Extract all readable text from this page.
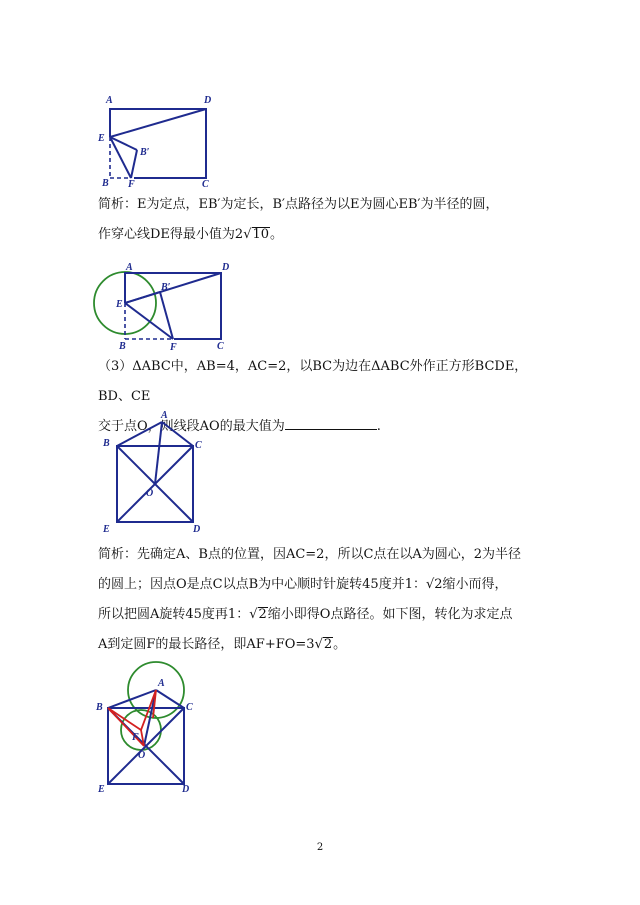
A	D
E
B′
B F	C
简析：E为定点，EB′为定长，B′点路径为以E为圆心EB′为半径的圆，
作穿心线DE得最小值为2√10。
A	D
E
B′
B	F	C
（3）ΔABC中，AB=4，AC=2，以BC为边在ΔABC外作正方形BCDE，BD、CE
交于点O，则线段AO的最大值为	.
A
B	C
O
E	D
简析：先确定A、B点的位置，因AC=2，所以C点在以A为圆心，2为半径
的圆上；因点O是点C以点B为中心顺时针旋转45度并1：√2缩小而得，
所以把圆A旋转45度再1：√2缩小即得O点路径。如下图，转化为求定点
A到定圆F的最长路径，即AF+FO=3√2。
A
B	C
F
O
E	D
2
